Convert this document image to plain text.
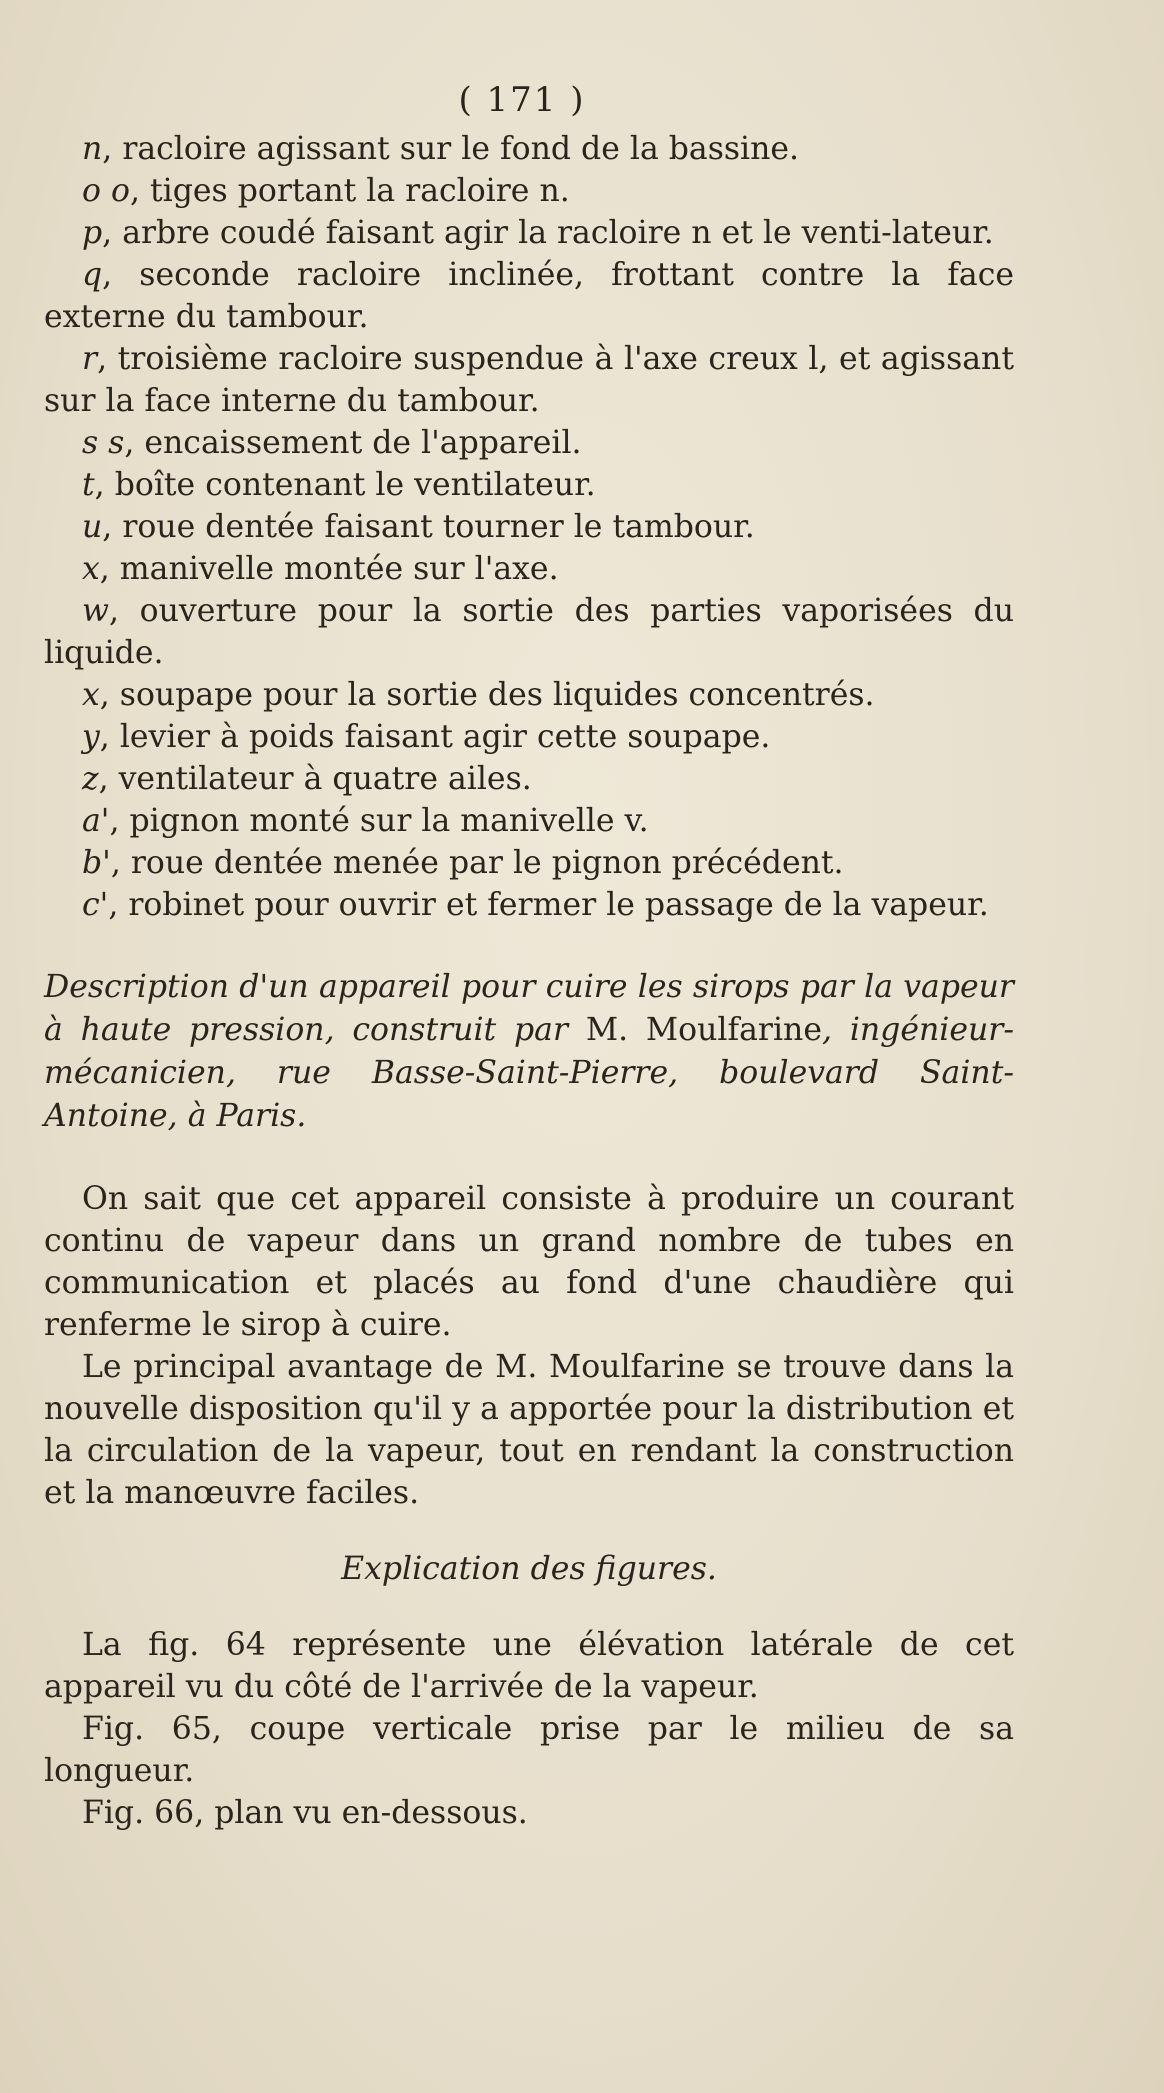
( 171 )

n, racloire agissant sur le fond de la bassine.

o o, tiges portant la racloire n.

p, arbre coudé faisant agir la racloire n et le venti-lateur.

q, seconde racloire inclinée, frottant contre la face externe du tambour.

r, troisième racloire suspendue à l'axe creux l, et agissant sur la face interne du tambour.

s s, encaissement de l'appareil.

t, boîte contenant le ventilateur.

u, roue dentée faisant tourner le tambour.

x, manivelle montée sur l'axe.

w, ouverture pour la sortie des parties vaporisées du liquide.

x, soupape pour la sortie des liquides concentrés.

y, levier à poids faisant agir cette soupape.

z, ventilateur à quatre ailes.

a', pignon monté sur la manivelle v.

b', roue dentée menée par le pignon précédent.

c', robinet pour ouvrir et fermer le passage de la vapeur.

Description d'un appareil pour cuire les sirops par la vapeur à haute pression, construit par M. Moulfarine, ingénieur-mécanicien, rue Basse-Saint-Pierre, boulevard Saint-Antoine, à Paris.

On sait que cet appareil consiste à produire un courant continu de vapeur dans un grand nombre de tubes en communication et placés au fond d'une chaudière qui renferme le sirop à cuire.

Le principal avantage de M. Moulfarine se trouve dans la nouvelle disposition qu'il y a apportée pour la distribution et la circulation de la vapeur, tout en rendant la construction et la manœuvre faciles.

Explication des figures.

La fig. 64 représente une élévation latérale de cet appareil vu du côté de l'arrivée de la vapeur.

Fig. 65, coupe verticale prise par le milieu de sa longueur.

Fig. 66, plan vu en-dessous.
